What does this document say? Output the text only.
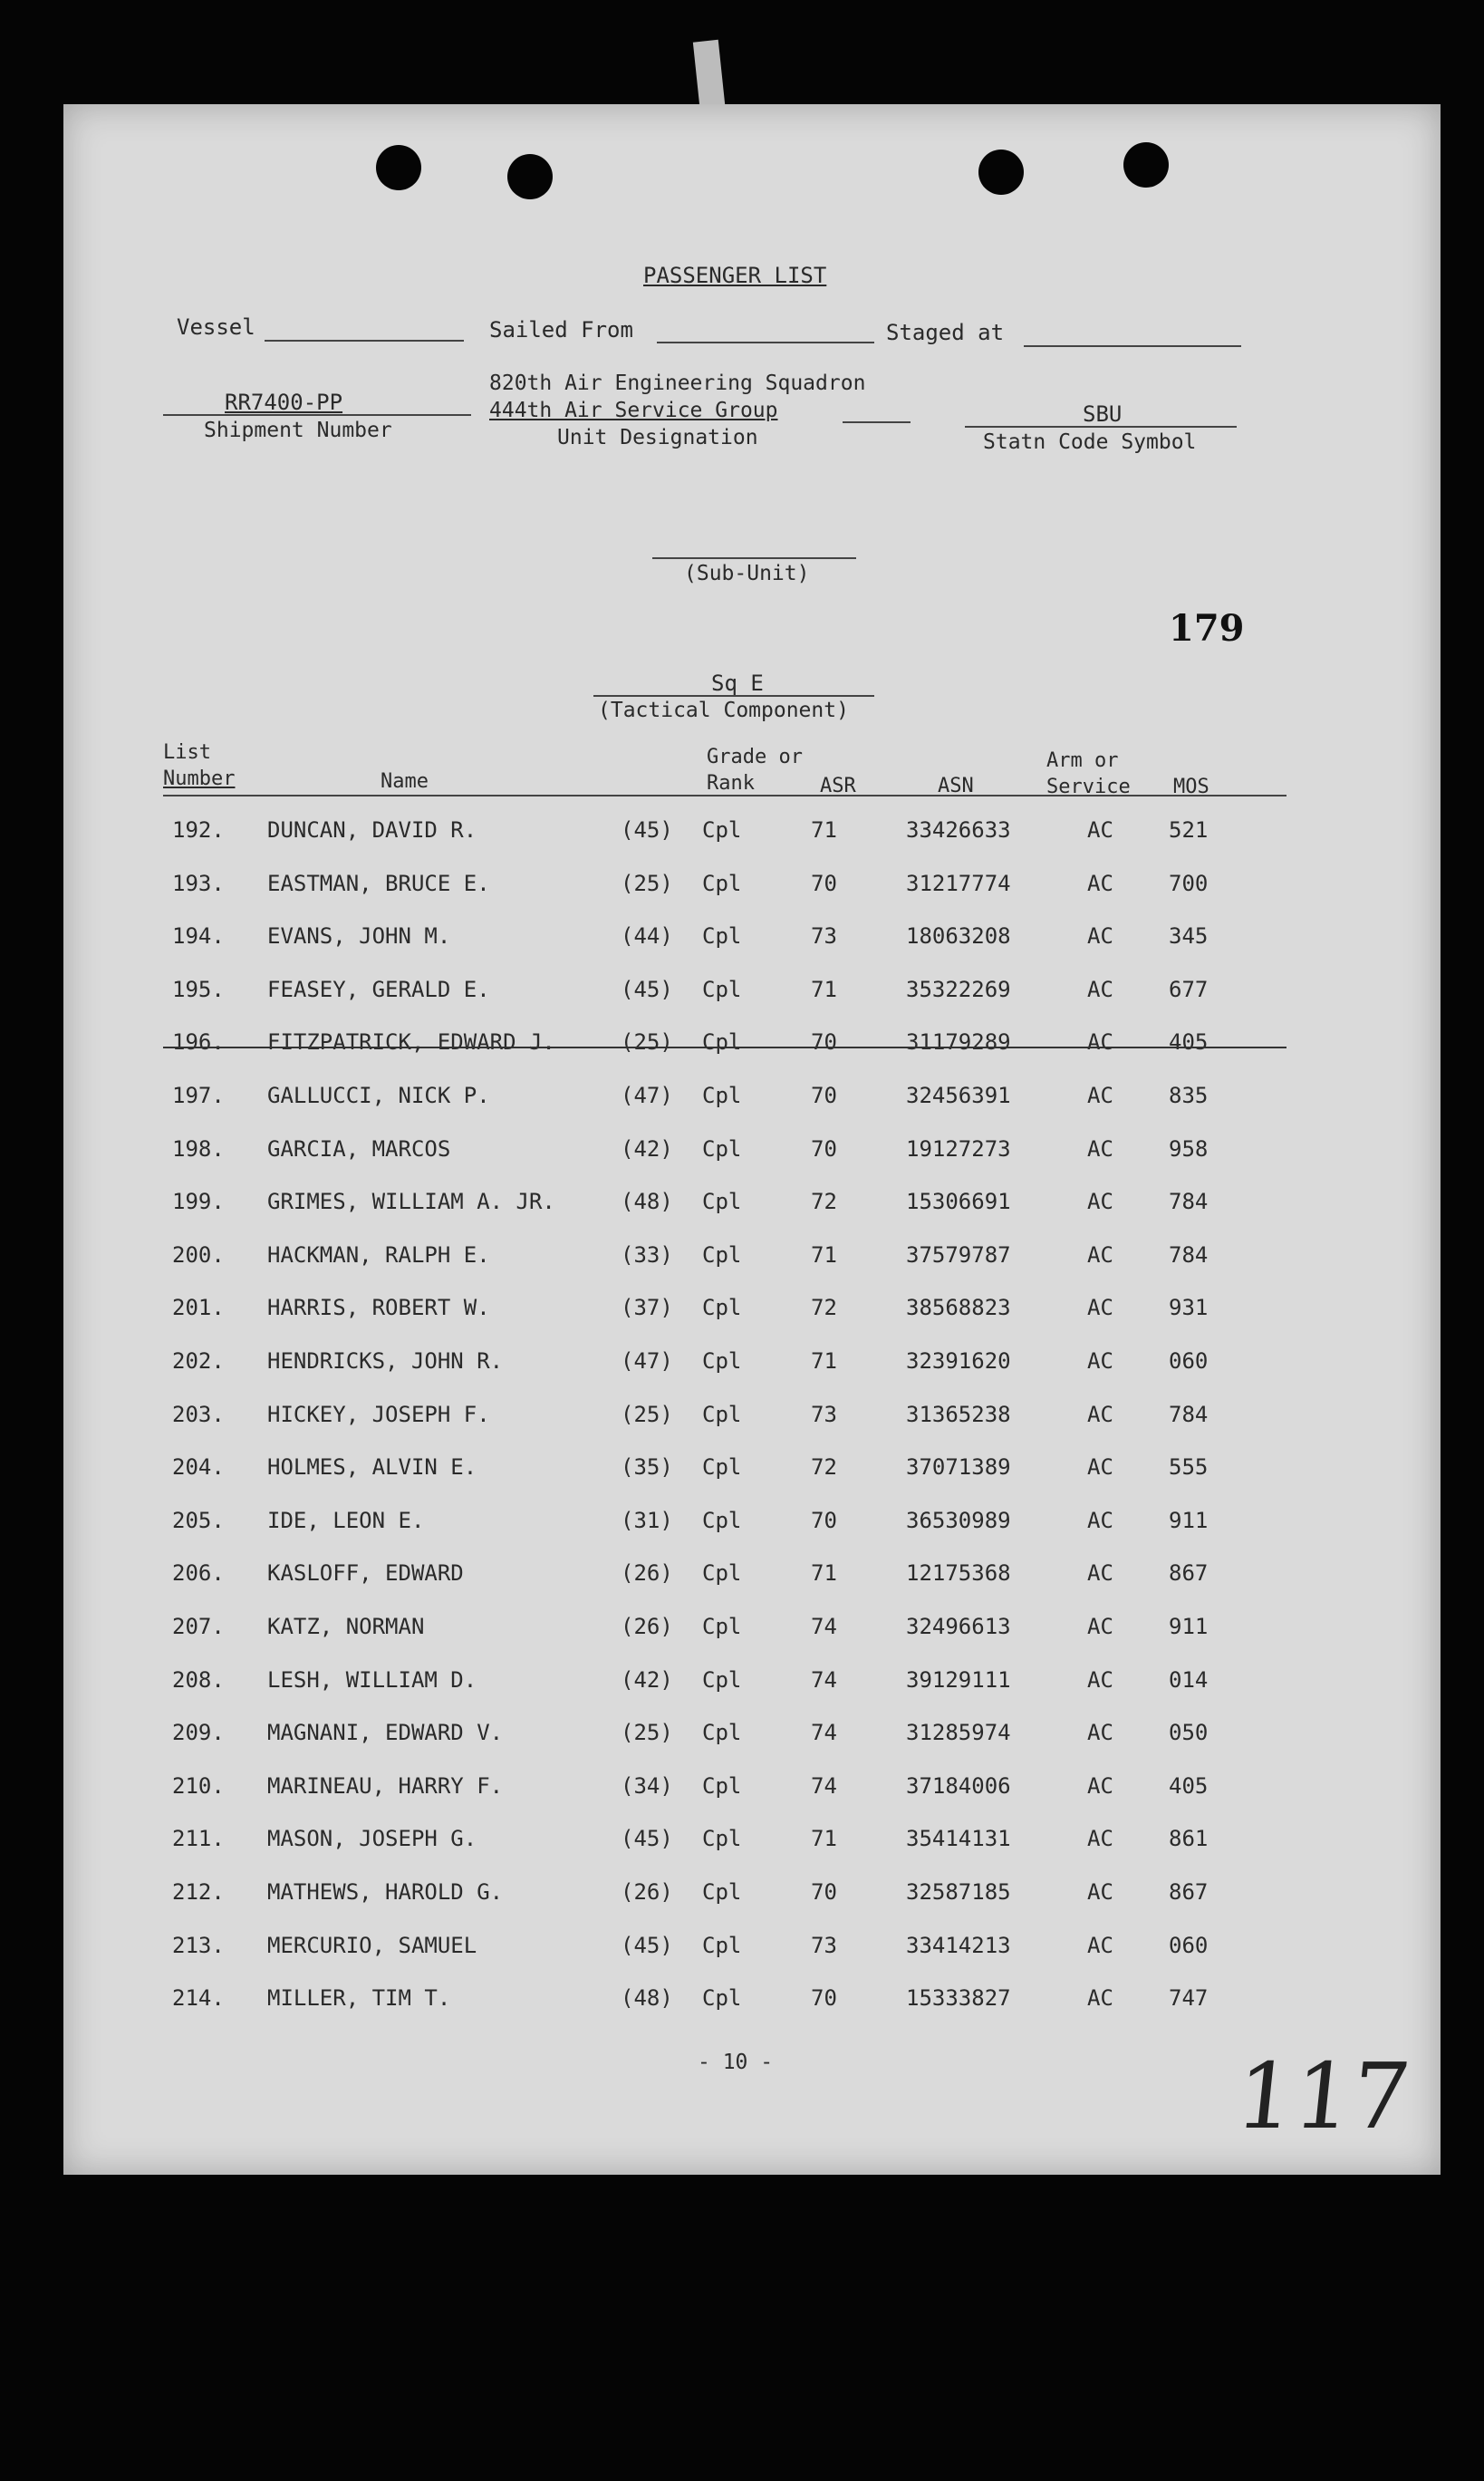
PASSENGER LIST
Vessel	Sailed From	Staged at
RR7400-PP
Shipment Number
820th Air Engineering Squadron
444th Air Service Group
Unit Designation
SBU
Statn Code Symbol
(Sub-Unit)
179
Sq E
(Tactical Component)
List
Number	Name
Grade or
Rank	ASR	ASN
Arm or
Service MOS
192. DUNCAN, DAVID R.	(45) Cpl	71	33426633	AC	521
193. EASTMAN, BRUCE E.	(25) Cpl	70	31217774	AC	700
194. EVANS, JOHN M.	(44) Cpl	73	18063208	AC	345
195. FEASEY, GERALD E.	(45) Cpl	71	35322269	AC	677
196. FITZPATRICK, EDWARD J.	(25) Cpl	70	31179289	AC	405
197. GALLUCCI, NICK P.	(47) Cpl	70	32456391	AC	835
198. GARCIA, MARCOS	(42) Cpl	70	19127273	AC	958
199. GRIMES, WILLIAM A. JR.	(48) Cpl	72	15306691	AC	784
200. HACKMAN, RALPH E.	(33) Cpl	71	37579787	AC	784
201. HARRIS, ROBERT W.	(37) Cpl	72	38568823	AC	931
202. HENDRICKS, JOHN R.	(47) Cpl	71	32391620	AC	060
203. HICKEY, JOSEPH F.	(25) Cpl	73	31365238	AC	784
204. HOLMES, ALVIN E.	(35) Cpl	72	37071389	AC	555
205. IDE, LEON E.	(31) Cpl	70	36530989	AC	911
206. KASLOFF, EDWARD	(26) Cpl	71	12175368	AC	867
207. KATZ, NORMAN	(26) Cpl	74	32496613	AC	911
208. LESH, WILLIAM D.	(42) Cpl	74	39129111	AC	014
209. MAGNANI, EDWARD V.	(25) Cpl	74	31285974	AC	050
210. MARINEAU, HARRY F.	(34) Cpl	74	37184006	AC	405
211. MASON, JOSEPH G.	(45) Cpl	71	35414131	AC	861
212. MATHEWS, HAROLD G.	(26) Cpl	70	32587185	AC	867
213. MERCURIO, SAMUEL	(45) Cpl	73	33414213	AC	060
214. MILLER, TIM T.	(48) Cpl	70	15333827	AC	747
- 10 -	117
